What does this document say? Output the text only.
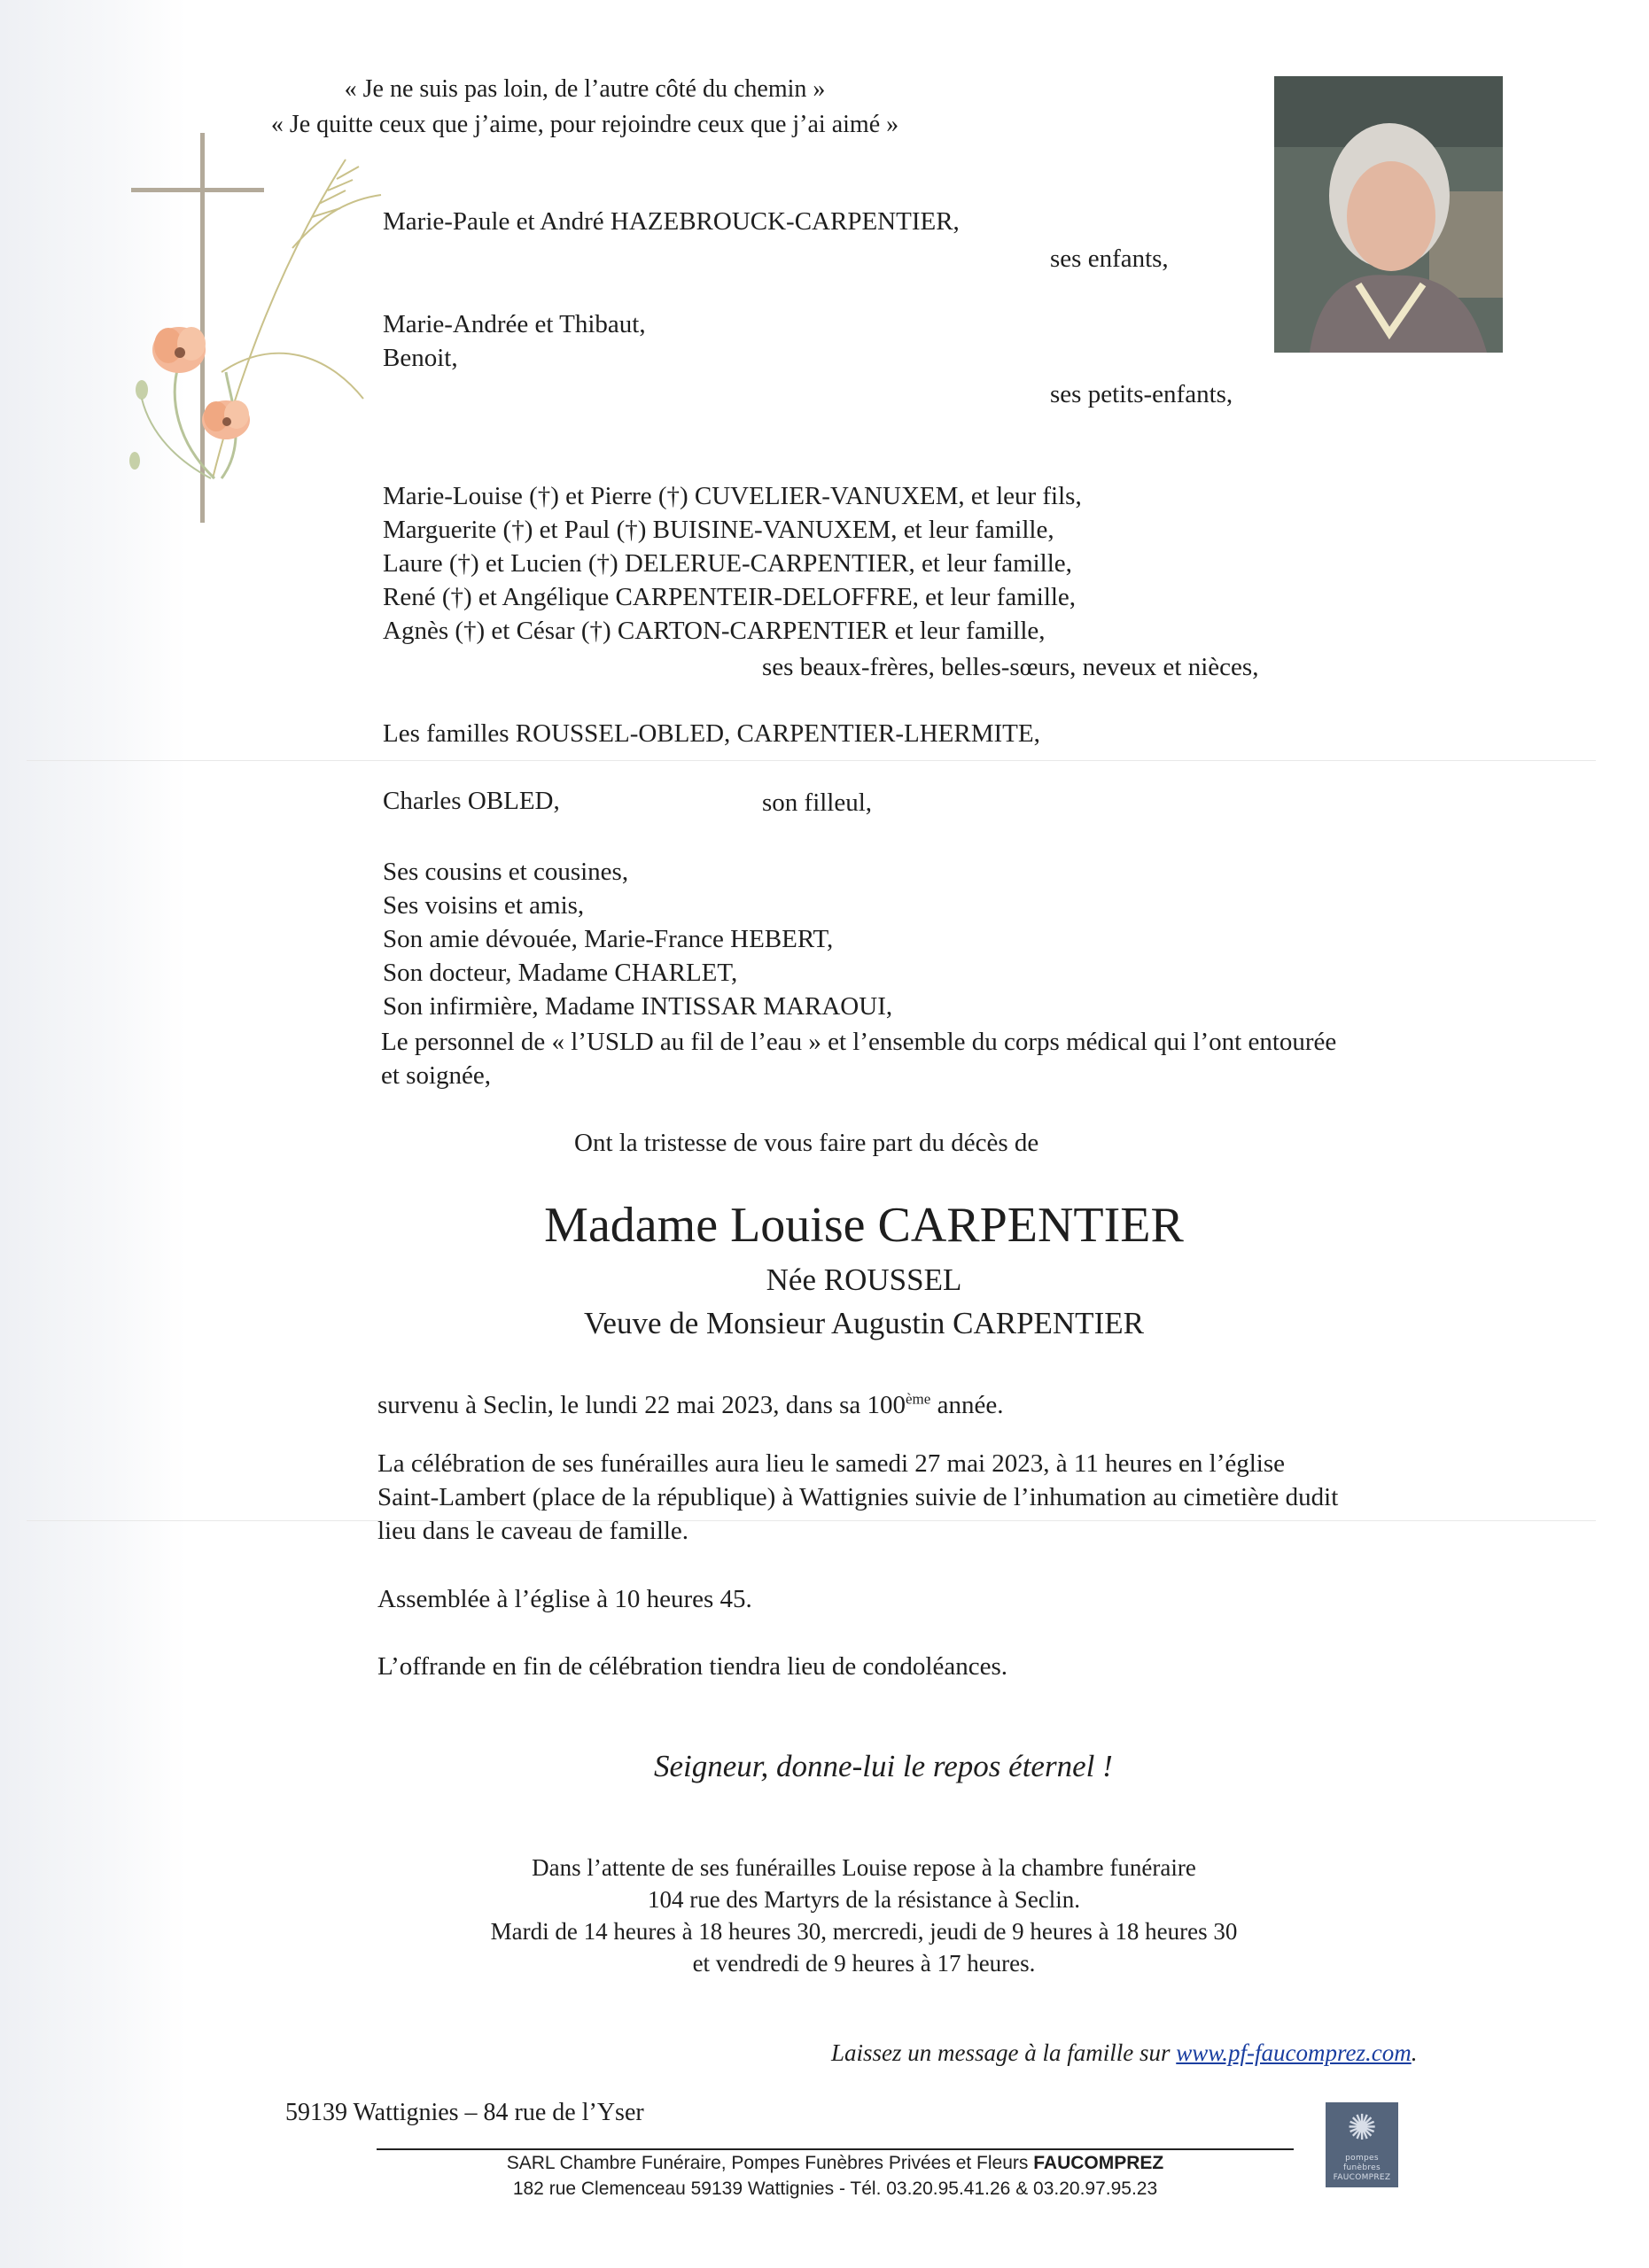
« Je ne suis pas loin, de l’autre côté du chemin »
« Je quitte ceux que j’aime, pour rejoindre ceux que j’ai aimé »
Marie-Paule et André HAZEBROUCK-CARPENTIER,
ses enfants,
Marie-Andrée et Thibaut,
Benoit,
ses petits-enfants,
Marie-Louise (†) et Pierre (†) CUVELIER-VANUXEM, et leur fils,
Marguerite (†) et Paul (†) BUISINE-VANUXEM, et leur famille,
Laure (†) et Lucien (†) DELERUE-CARPENTIER, et leur famille,
René (†) et Angélique CARPENTEIR-DELOFFRE, et leur famille,
Agnès (†) et César (†) CARTON-CARPENTIER et leur famille,
ses beaux-frères, belles-sœurs, neveux et nièces,
Les familles ROUSSEL-OBLED, CARPENTIER-LHERMITE,
Charles OBLED,	son filleul,
Ses cousins et cousines,
Ses voisins et amis,
Son amie dévouée, Marie-France HEBERT,
Son docteur, Madame CHARLET,
Son infirmière, Madame INTISSAR MARAOUI,
Le personnel de « l’USLD au fil de l’eau » et l’ensemble du corps médical qui l’ont entourée
et soignée,
Ont la tristesse de vous faire part du décès de
Madame Louise CARPENTIER
Née ROUSSEL
Veuve de Monsieur Augustin CARPENTIER
survenu à Seclin, le lundi 22 mai 2023, dans sa 100ème année.
La célébration de ses funérailles aura lieu le samedi 27 mai 2023, à 11 heures en l’église
Saint-Lambert (place de la république) à Wattignies suivie de l’inhumation au cimetière dudit
lieu dans le caveau de famille.
Assemblée à l’église à 10 heures 45.
L’offrande en fin de célébration tiendra lieu de condoléances.
Seigneur, donne-lui le repos éternel !
Dans l’attente de ses funérailles Louise repose à la chambre funéraire
104 rue des Martyrs de la résistance à Seclin.
Mardi de 14 heures à 18 heures 30, mercredi, jeudi de 9 heures à 18 heures 30
et vendredi de 9 heures à 17 heures.
Laissez un message à la famille sur www.pf-faucomprez.com.
59139 Wattignies – 84 rue de l’Yser
SARL Chambre Funéraire, Pompes Funèbres Privées et Fleurs FAUCOMPREZ
182 rue Clemenceau 59139 Wattignies - Tél. 03.20.95.41.26 & 03.20.97.95.23
✺
pompes funèbres
FAUCOMPREZ
